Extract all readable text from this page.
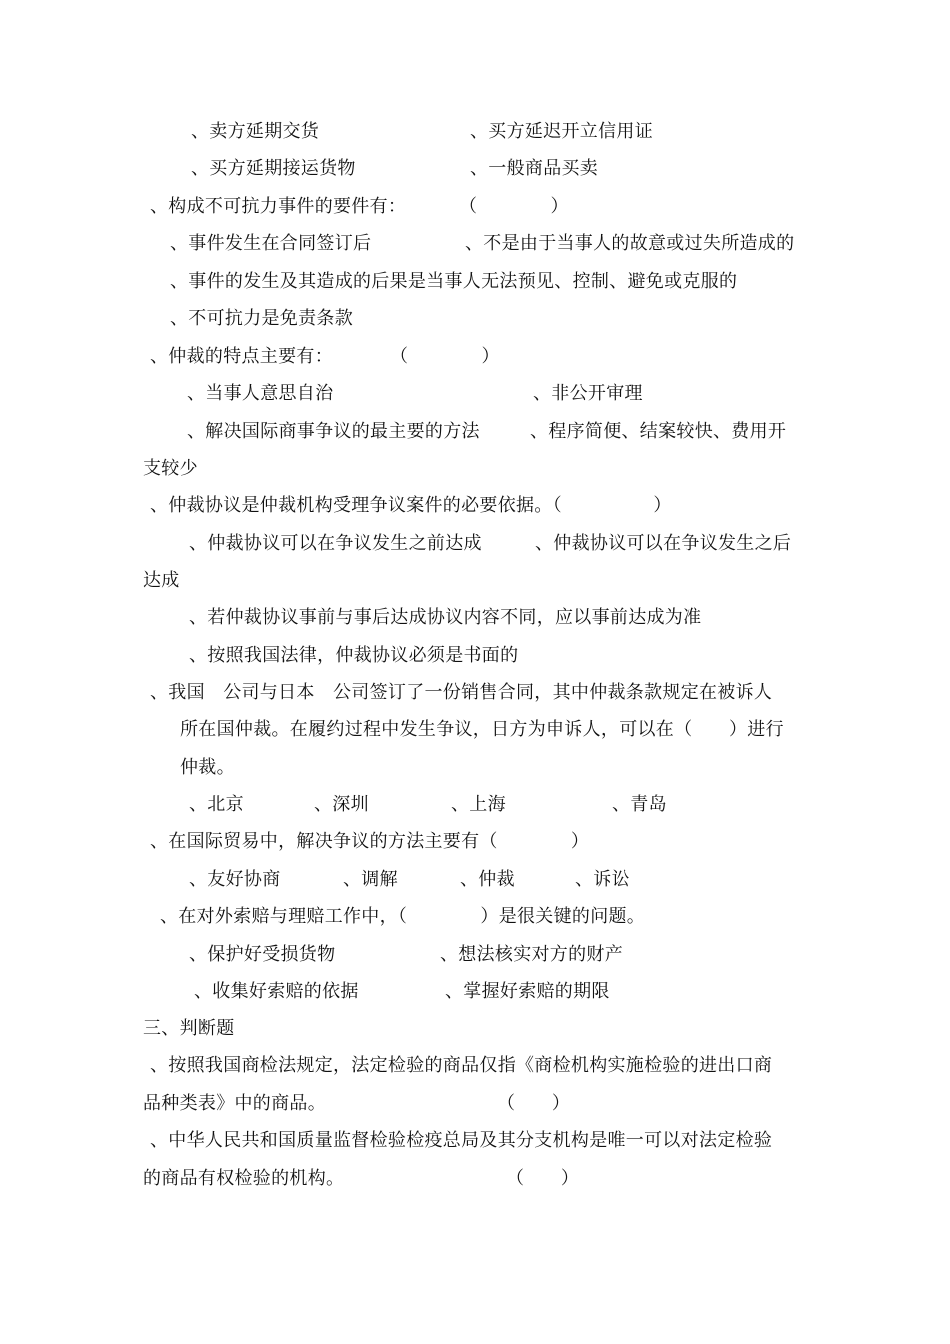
、卖方延期交货	、买方延迟开立信用证
、买方延期接运货物	、一般商品买卖
、构成不可抗力事件的要件有：	（　　　　）
、事件发生在合同签订后	、不是由于当事人的故意或过失所造成的
、事件的发生及其造成的后果是当事人无法预见、控制、避免或克服的
、不可抗力是免责条款
、仲裁的特点主要有：	（　　　　）
、当事人意思自治	、非公开审理
、解决国际商事争议的最主要的方法	、程序简便、结案较快、费用开
支较少
、仲裁协议是仲裁机构受理争议案件的必要依据。（　　　　　）
、仲裁协议可以在争议发生之前达成	、仲裁协议可以在争议发生之后
达成
、若仲裁协议事前与事后达成协议内容不同，应以事前达成为准
、按照我国法律，仲裁协议必须是书面的
、我国　公司与日本　公司签订了一份销售合同，其中仲裁条款规定在被诉人
所在国仲裁。在履约过程中发生争议，日方为申诉人，可以在（　　）进行
仲裁。
、北京	、深圳	、上海	、青岛
、在国际贸易中，解决争议的方法主要有（　　　　）
、友好协商	、调解	、仲裁	、诉讼
、在对外索赔与理赔工作中，（　　　　）是很关键的问题。
、保护好受损货物	、想法核实对方的财产
、收集好索赔的依据	、掌握好索赔的期限
三、判断题
、按照我国商检法规定，法定检验的商品仅指《商检机构实施检验的进出口商
品种类表》中的商品。	（　　）
、中华人民共和国质量监督检验检疫总局及其分支机构是唯一可以对法定检验
的商品有权检验的机构。	（　　）
